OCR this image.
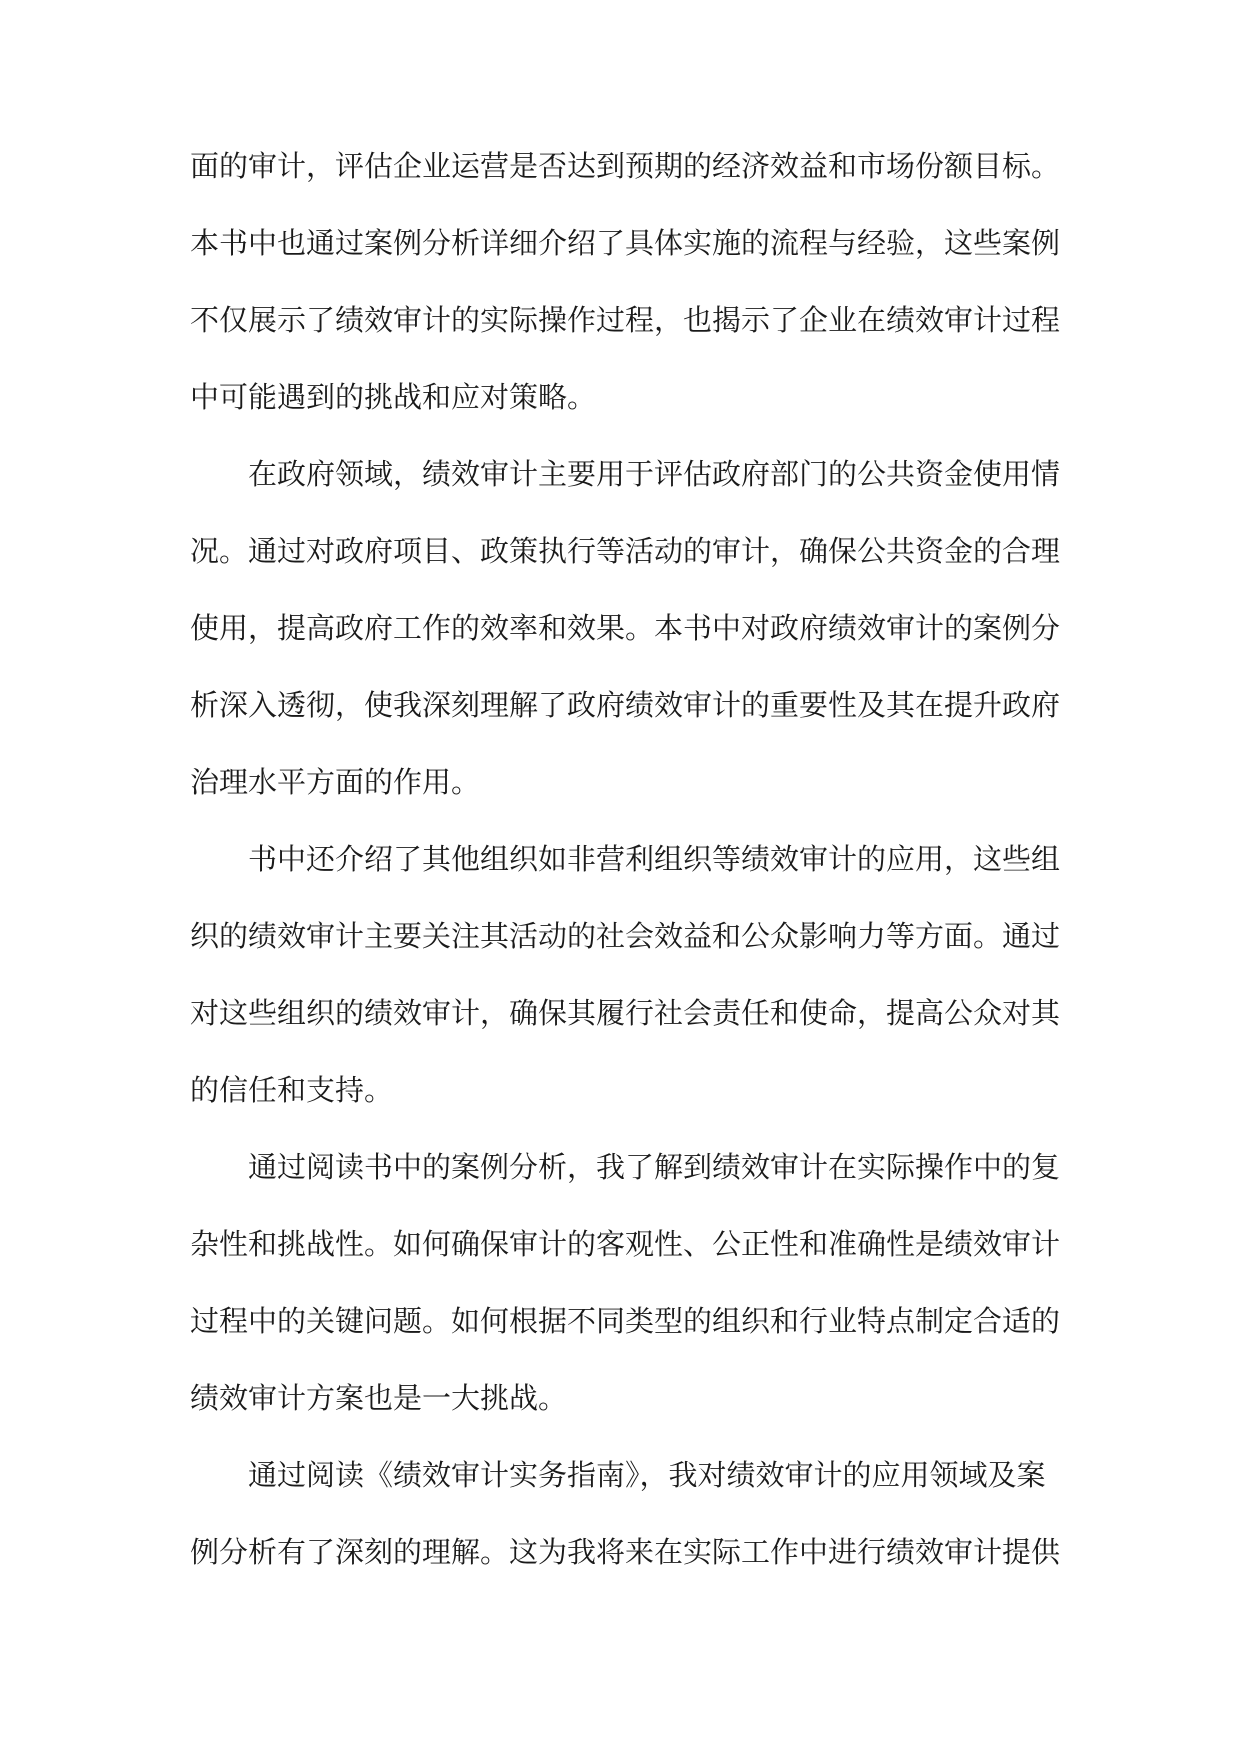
面的审计，评估企业运营是否达到预期的经济效益和市场份额目标。
本书中也通过案例分析详细介绍了具体实施的流程与经验，这些案例
不仅展示了绩效审计的实际操作过程，也揭示了企业在绩效审计过程
中可能遇到的挑战和应对策略。
在政府领域，绩效审计主要用于评估政府部门的公共资金使用情
况。通过对政府项目、政策执行等活动的审计，确保公共资金的合理
使用，提高政府工作的效率和效果。本书中对政府绩效审计的案例分
析深入透彻，使我深刻理解了政府绩效审计的重要性及其在提升政府
治理水平方面的作用。
书中还介绍了其他组织如非营利组织等绩效审计的应用，这些组
织的绩效审计主要关注其活动的社会效益和公众影响力等方面。通过
对这些组织的绩效审计，确保其履行社会责任和使命，提高公众对其
的信任和支持。
通过阅读书中的案例分析，我了解到绩效审计在实际操作中的复
杂性和挑战性。如何确保审计的客观性、公正性和准确性是绩效审计
过程中的关键问题。如何根据不同类型的组织和行业特点制定合适的
绩效审计方案也是一大挑战。
通过阅读《绩效审计实务指南》，我对绩效审计的应用领域及案
例分析有了深刻的理解。这为我将来在实际工作中进行绩效审计提供
